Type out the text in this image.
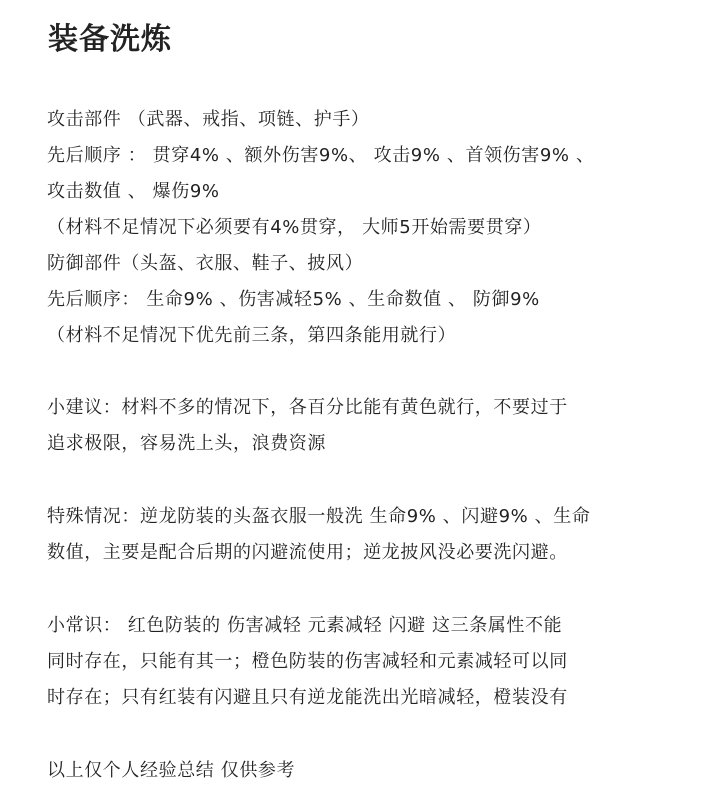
装备洗炼
攻击部件 （武器、戒指、项链、护手）
先后顺序 ： 贯穿4% 、额外伤害9%、 攻击9% 、首领伤害9% 、
攻击数值 、 爆伤9%
（材料不足情况下必须要有4%贯穿， 大师5开始需要贯穿）
防御部件（头盔、衣服、鞋子、披风）
先后顺序： 生命9% 、伤害减轻5% 、生命数值 、 防御9%
（材料不足情况下优先前三条，第四条能用就行）
小建议：材料不多的情况下，各百分比能有黄色就行，不要过于
追求极限，容易洗上头，浪费资源
特殊情况：逆龙防装的头盔衣服一般洗 生命9% 、闪避9% 、生命
数值，主要是配合后期的闪避流使用；逆龙披风没必要洗闪避。
小常识： 红色防装的 伤害减轻 元素减轻 闪避 这三条属性不能
同时存在，只能有其一；橙色防装的伤害减轻和元素减轻可以同
时存在；只有红装有闪避且只有逆龙能洗出光暗减轻，橙装没有
以上仅个人经验总结 仅供参考
